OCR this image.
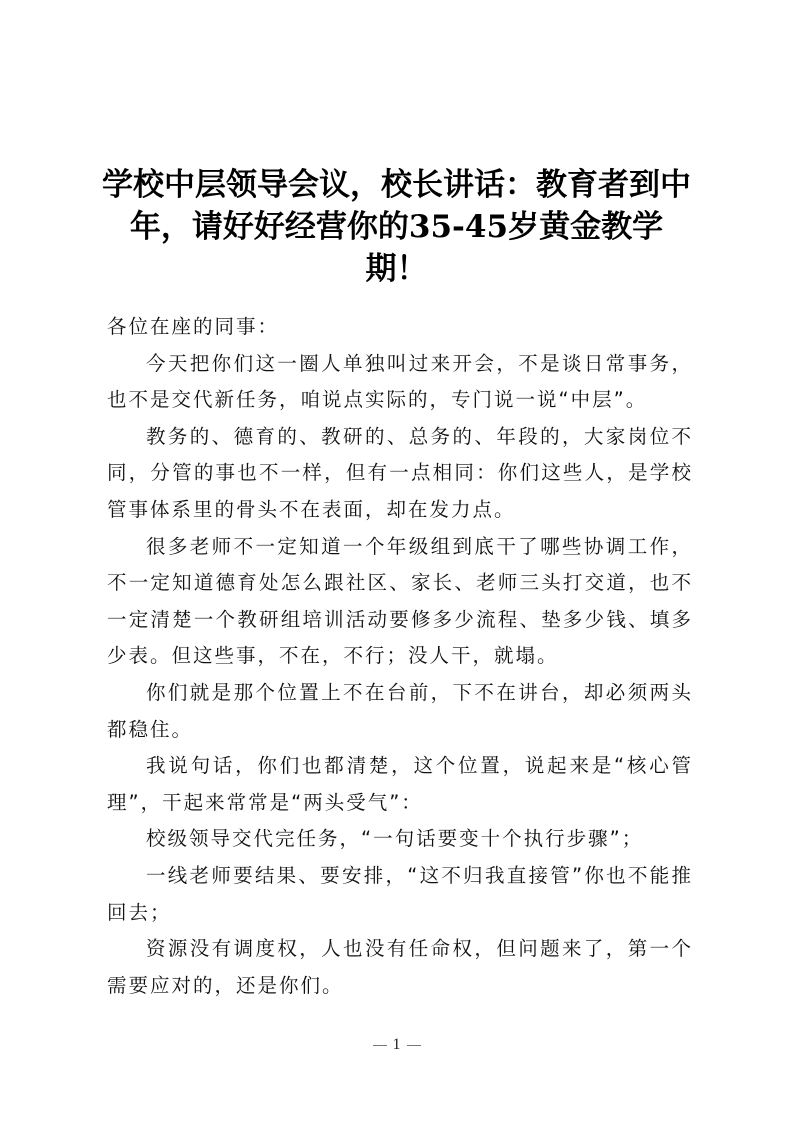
学校中层领导会议，校长讲话：教育者到中年，请好好经营你的35-45岁黄金教学期！

各位在座的同事：

今天把你们这一圈人单独叫过来开会，不是谈日常事务，也不是交代新任务，咱说点实际的，专门说一说“中层”。

教务的、德育的、教研的、总务的、年段的，大家岗位不同，分管的事也不一样，但有一点相同：你们这些人，是学校管事体系里的骨头不在表面，却在发力点。

很多老师不一定知道一个年级组到底干了哪些协调工作，不一定知道德育处怎么跟社区、家长、老师三头打交道，也不一定清楚一个教研组培训活动要修多少流程、垫多少钱、填多少表。但这些事，不在，不行；没人干，就塌。

你们就是那个位置上不在台前，下不在讲台，却必须两头都稳住。

我说句话，你们也都清楚，这个位置，说起来是“核心管理”，干起来常常是“两头受气”：

校级领导交代完任务，“一句话要变十个执行步骤”；

一线老师要结果、要安排，“这不归我直接管”你也不能推回去；

资源没有调度权，人也没有任命权，但问题来了，第一个需要应对的，还是你们。

1
